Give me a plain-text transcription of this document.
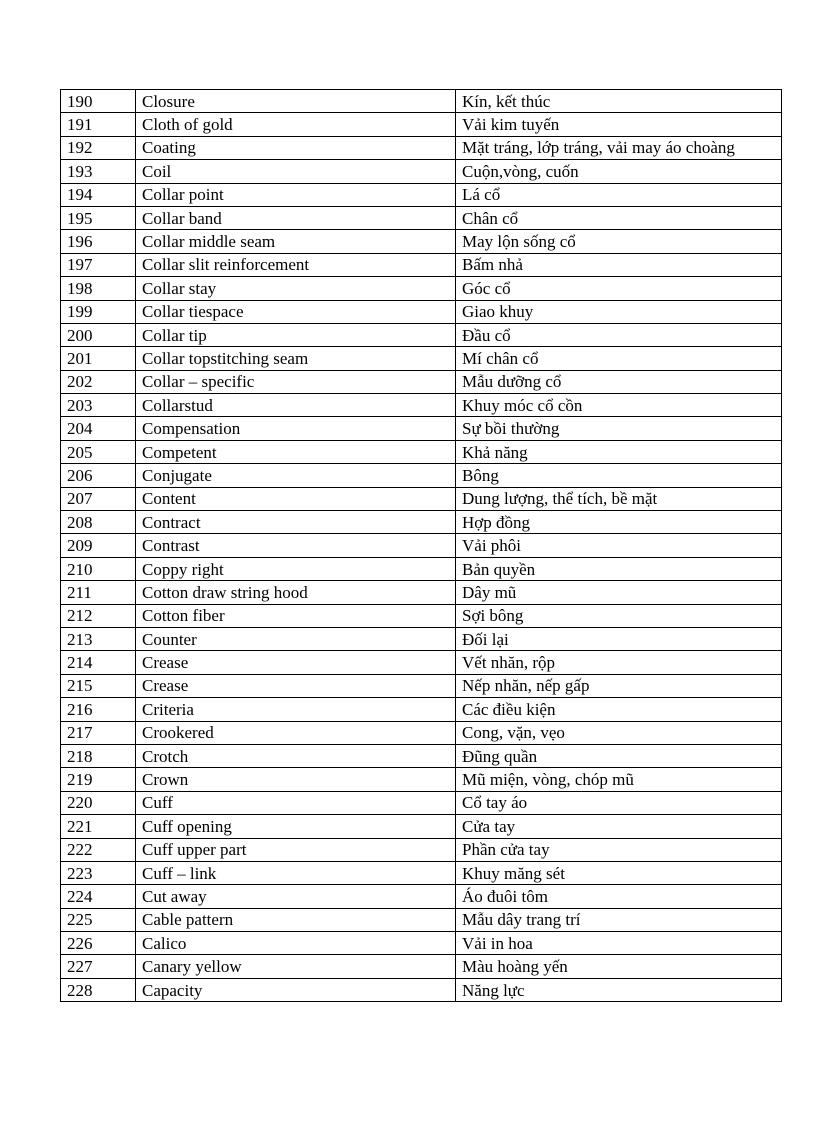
190	Closure	Kín, kết thúc
191	Cloth of gold	Vải kim tuyến
192	Coating	Mặt tráng, lớp tráng, vải may áo choàng
193	Coil	Cuộn,vòng, cuốn
194	Collar point	Lá cổ
195	Collar band	Chân cổ
196	Collar middle seam	May lộn sống cổ
197	Collar slit reinforcement	Bấm nhả
198	Collar stay	Góc cổ
199	Collar tiespace	Giao khuy
200	Collar tip	Đầu cổ
201	Collar topstitching seam	Mí chân cổ
202	Collar – specific	Mẫu dưỡng cổ
203	Collarstud	Khuy móc cổ cồn
204	Compensation	Sự bồi thường
205	Competent	Khả năng
206	Conjugate	Bông
207	Content	Dung lượng, thể tích, bề mặt
208	Contract	Hợp đồng
209	Contrast	Vải phôi
210	Coppy right	Bản quyền
211	Cotton draw string hood	Dây mũ
212	Cotton fiber	Sợi bông
213	Counter	Đối lại
214	Crease	Vết nhăn, rộp
215	Crease	Nếp nhăn, nếp gấp
216	Criteria	Các điều kiện
217	Crookered	Cong, vặn, vẹo
218	Crotch	Đũng quần
219	Crown	Mũ miện, vòng, chóp mũ
220	Cuff	Cổ tay áo
221	Cuff opening	Cửa tay
222	Cuff upper part	Phần cửa tay
223	Cuff – link	Khuy măng sét
224	Cut away	Áo đuôi tôm
225	Cable pattern	Mẫu dây trang trí
226	Calico	Vải in hoa
227	Canary yellow	Màu hoàng yến
228	Capacity	Năng lực
